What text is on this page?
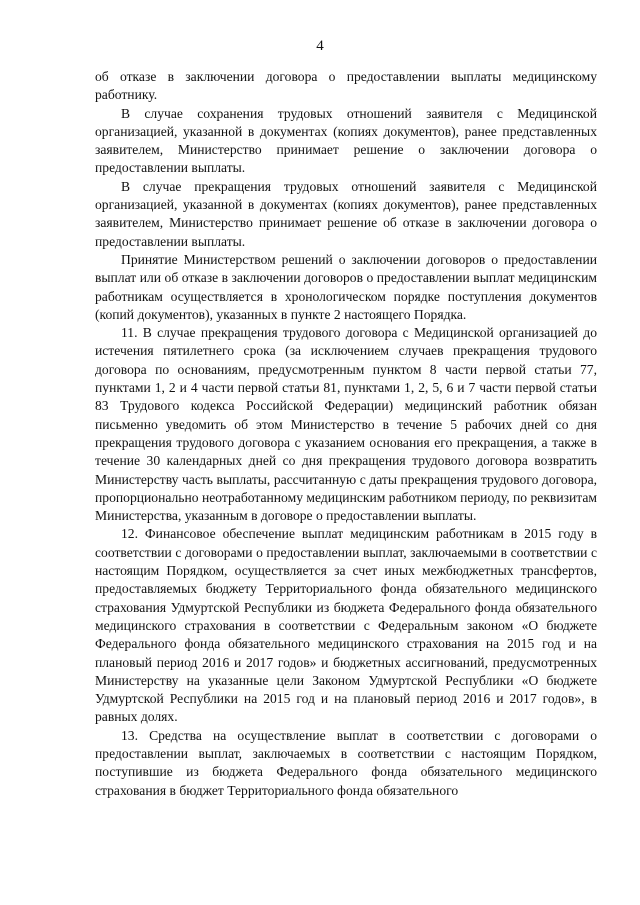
4

об отказе в заключении договора о предоставлении выплаты медицинскому работнику.

В случае сохранения трудовых отношений заявителя с Медицинской организацией, указанной в документах (копиях документов), ранее представленных заявителем, Министерство принимает решение о заключении договора о предоставлении выплаты.

В случае прекращения трудовых отношений заявителя с Медицинской организацией, указанной в документах (копиях документов), ранее представленных заявителем, Министерство принимает решение об отказе в заключении договора о предоставлении выплаты.

Принятие Министерством решений о заключении договоров о предоставлении выплат или об отказе в заключении договоров о предоставлении выплат медицинским работникам осуществляется в хронологическом порядке поступления документов (копий документов), указанных в пункте 2 настоящего Порядка.

11. В случае прекращения трудового договора с Медицинской организацией до истечения пятилетнего срока (за исключением случаев прекращения трудового договора по основаниям, предусмотренным пунктом 8 части первой статьи 77, пунктами 1, 2 и 4 части первой статьи 81, пунктами 1, 2, 5, 6 и 7 части первой статьи 83 Трудового кодекса Российской Федерации) медицинский работник обязан письменно уведомить об этом Министерство в течение 5 рабочих дней со дня прекращения трудового договора с указанием основания его прекращения, а также в течение 30 календарных дней со дня прекращения трудового договора возвратить Министерству часть выплаты, рассчитанную с даты прекращения трудового договора, пропорционально неотработанному медицинским работником периоду, по реквизитам Министерства, указанным в договоре о предоставлении выплаты.

12. Финансовое обеспечение выплат медицинским работникам в 2015 году в соответствии с договорами о предоставлении выплат, заключаемыми в соответствии с настоящим Порядком, осуществляется за счет иных межбюджетных трансфертов, предоставляемых бюджету Территориального фонда обязательного медицинского страхования Удмуртской Республики из бюджета Федерального фонда обязательного медицинского страхования в соответствии с Федеральным законом «О бюджете Федерального фонда обязательного медицинского страхования на 2015 год и на плановый период 2016 и 2017 годов» и бюджетных ассигнований, предусмотренных Министерству на указанные цели Законом Удмуртской Республики «О бюджете Удмуртской Республики на 2015 год и на плановый период 2016 и 2017 годов», в равных долях.

13. Средства на осуществление выплат в соответствии с договорами о предоставлении выплат, заключаемых в соответствии с настоящим Порядком, поступившие из бюджета Федерального фонда обязательного медицинского страхования в бюджет Территориального фонда обязательного
